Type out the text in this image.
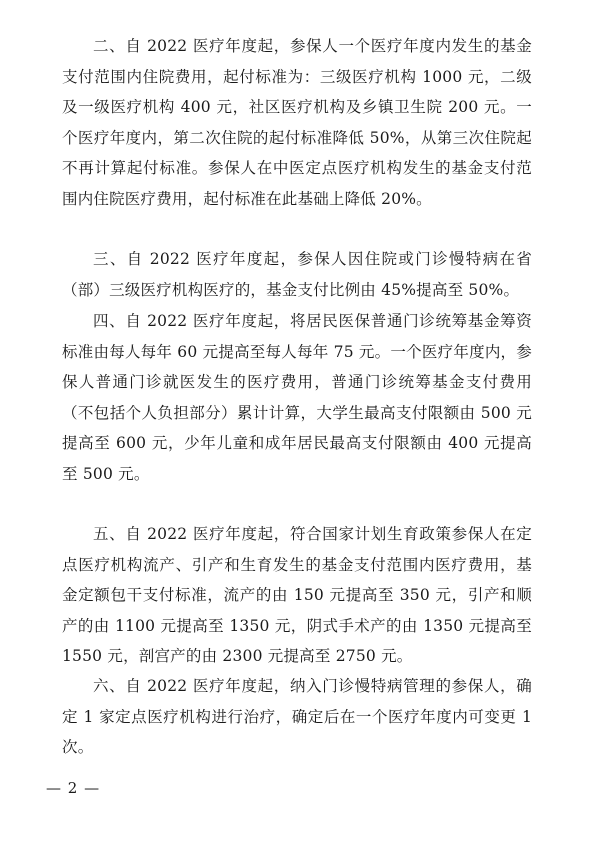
二、自 2022 医疗年度起，参保人一个医疗年度内发生的基金支付范围内住院费用，起付标准为：三级医疗机构 1000 元，二级及一级医疗机构 400 元，社区医疗机构及乡镇卫生院 200 元。一个医疗年度内，第二次住院的起付标准降低 50%，从第三次住院起不再计算起付标准。参保人在中医定点医疗机构发生的基金支付范围内住院医疗费用，起付标准在此基础上降低 20%。

三、自 2022 医疗年度起，参保人因住院或门诊慢特病在省（部）三级医疗机构医疗的，基金支付比例由 45%提高至 50%。

四、自 2022 医疗年度起，将居民医保普通门诊统筹基金筹资标准由每人每年 60 元提高至每人每年 75 元。一个医疗年度内，参保人普通门诊就医发生的医疗费用，普通门诊统筹基金支付费用（不包括个人负担部分）累计计算，大学生最高支付限额由 500 元提高至 600 元，少年儿童和成年居民最高支付限额由 400 元提高至 500 元。

五、自 2022 医疗年度起，符合国家计划生育政策参保人在定点医疗机构流产、引产和生育发生的基金支付范围内医疗费用，基金定额包干支付标准，流产的由 150 元提高至 350 元，引产和顺产的由 1100 元提高至 1350 元，阴式手术产的由 1350 元提高至 1550 元，剖宫产的由 2300 元提高至 2750 元。

六、自 2022 医疗年度起，纳入门诊慢特病管理的参保人，确定 1 家定点医疗机构进行治疗，确定后在一个医疗年度内可变更 1 次。

— 2 —
